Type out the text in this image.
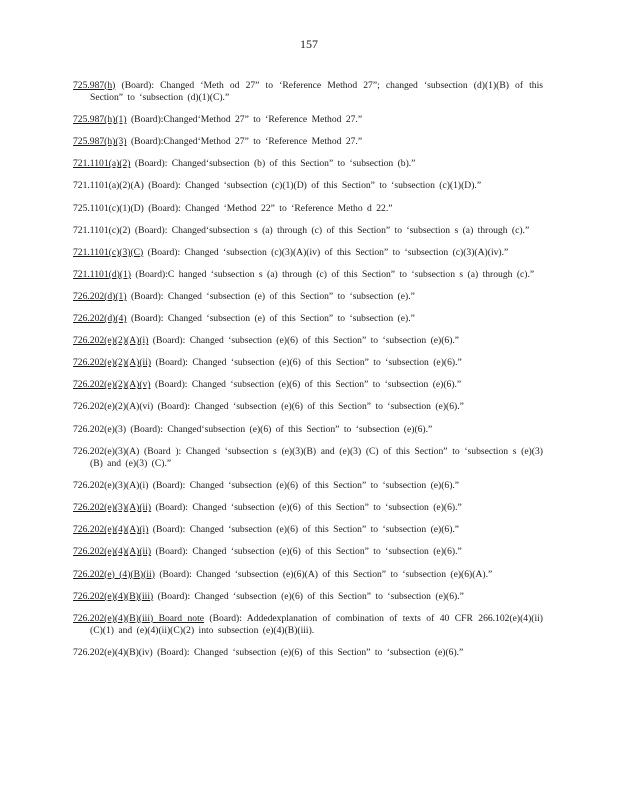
157

725.987(h) (Board): Changed ‘Meth od 27” to ‘Reference Method 27”; changed ‘subsection (d)(1)(B) of this Section” to ‘subsection (d)(1)(C).”

725.987(h)(1) (Board):Changed‘Method 27” to ‘Reference Method 27.”

725.987(h)(3) (Board):Changed‘Method 27” to ‘Reference Method 27.”

721.1101(a)(2) (Board): Changed‘subsection (b) of this Section” to ‘subsection (b).”

721.1101(a)(2)(A) (Board): Changed ‘subsection (c)(1)(D) of this Section” to ‘subsection (c)(1)(D).”

725.1101(c)(1)(D) (Board): Changed ‘Method 22” to ‘Reference Metho d 22.”

721.1101(c)(2) (Board): Changed‘subsection s (a) through (c) of this Section” to ‘subsection s (a) through (c).”

721.1101(c)(3)(C) (Board): Changed ‘subsection (c)(3)(A)(iv) of this Section” to ‘subsection (c)(3)(A)(iv).”

721.1101(d)(1) (Board):C hanged ‘subsection s (a) through (c) of this Section” to ‘subsection s (a) through (c).”

726.202(d)(1) (Board): Changed ‘subsection (e) of this Section” to ‘subsection (e).”

726.202(d)(4) (Board): Changed ‘subsection (e) of this Section” to ‘subsection (e).”

726.202(e)(2)(A)(i) (Board): Changed ‘subsection (e)(6) of this Section” to ‘subsection (e)(6).”

726.202(e)(2)(A)(ii) (Board): Changed ‘subsection (e)(6) of this Section” to ‘subsection (e)(6).”

726.202(e)(2)(A)(v) (Board): Changed ‘subsection (e)(6) of this Section” to ‘subsection (e)(6).”

726.202(e)(2)(A)(vi) (Board): Changed ‘subsection (e)(6) of this Section” to ‘subsection (e)(6).”

726.202(e)(3) (Board): Changed‘subsection (e)(6) of this Section” to ‘subsection (e)(6).”

726.202(e)(3)(A) (Board ): Changed ‘subsection s (e)(3)(B) and (e)(3) (C) of this Section” to ‘subsection s (e)(3)(B) and (e)(3) (C).”

726.202(e)(3)(A)(i) (Board): Changed ‘subsection (e)(6) of this Section” to ‘subsection (e)(6).”

726.202(e)(3)(A)(ii) (Board): Changed ‘subsection (e)(6) of this Section” to ‘subsection (e)(6).”

726.202(e)(4)(A)(i) (Board): Changed ‘subsection (e)(6) of this Section” to ‘subsection (e)(6).”

726.202(e)(4)(A)(ii) (Board): Changed ‘subsection (e)(6) of this Section” to ‘subsection (e)(6).”

726.202(e) (4)(B)(ii) (Board): Changed ‘subsection (e)(6)(A) of this Section” to ‘subsection (e)(6)(A).”

726.202(e)(4)(B)(iii) (Board): Changed ‘subsection (e)(6) of this Section” to ‘subsection (e)(6).”

726.202(e)(4)(B)(iii) Board note (Board): Addedexplanation of combination of texts of 40 CFR 266.102(e)(4)(ii)(C)(1) and (e)(4)(ii)(C)(2) into subsection (e)(4)(B)(iii).

726.202(e)(4)(B)(iv) (Board): Changed ‘subsection (e)(6) of this Section” to ‘subsection (e)(6).”
